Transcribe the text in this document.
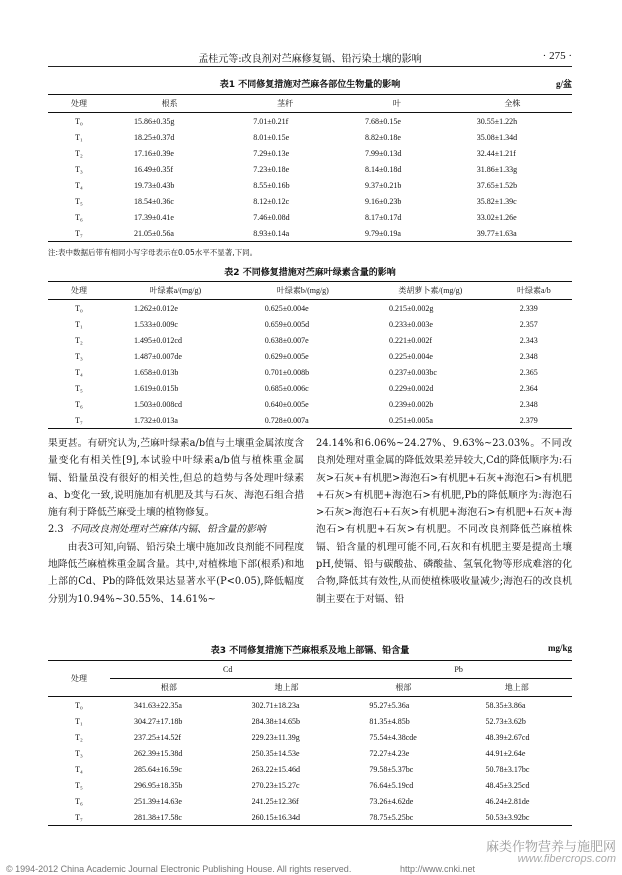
孟桂元等:改良剂对苎麻修复镉、铅污染土壤的影响	· 275 ·
表1 不同修复措施对苎麻各部位生物量的影响	g/盆
处理	根系	茎秆	叶	全株
T₀	15.86±0.35g	7.01±0.21f	7.68±0.15e	30.55±1.22h
T₁	18.25±0.37d	8.01±0.15e	8.82±0.18e	35.08±1.34d
T₂	17.16±0.39e	7.29±0.13e	7.99±0.13d	32.44±1.21f
T₃	16.49±0.35f	7.23±0.18e	8.14±0.18d	31.86±1.33g
T₄	19.73±0.43b	8.55±0.16b	9.37±0.21b	37.65±1.52b
T₅	18.54±0.36c	8.12±0.12c	9.16±0.23b	35.82±1.39c
T₆	17.39±0.41e	7.46±0.08d	8.17±0.17d	33.02±1.26e
T₇	21.05±0.56a	8.93±0.14a	9.79±0.19a	39.77±1.63a
注:表中数据后带有相同小写字母表示在0.05水平不显著,下同。
表2 不同修复措施对苎麻叶绿素含量的影响
处理	叶绿素a/(mg/g)	叶绿素b/(mg/g)	类胡萝卜素/(mg/g)	叶绿素a/b
T₀	1.262±0.012e	0.625±0.004e	0.215±0.002g	2.339
T₁	1.533±0.009c	0.659±0.005d	0.233±0.003e	2.357
T₂	1.495±0.012cd	0.638±0.007e	0.221±0.002f	2.343
T₃	1.487±0.007de	0.629±0.005e	0.225±0.004e	2.348
T₄	1.658±0.013b	0.701±0.008b	0.237±0.003bc	2.365
T₅	1.619±0.015b	0.685±0.006c	0.229±0.002d	2.364
T₆	1.503±0.008cd	0.640±0.005e	0.239±0.002b	2.348
T₇	1.732±0.013a	0.728±0.007a	0.251±0.005a	2.379

果更甚。有研究认为,苎麻叶绿素a/b值与土壤重金属浓度含量变化有相关性[9],本试验中叶绿素a/b值与植株重金属镉、铅量虽没有很好的相关性,但总的趋势与各处理叶绿素a、b变化一致,说明施加有机肥及其与石灰、海泡石组合措施有利于降低苎麻受土壤的植物修复。

2.3 不同改良剂处理对苎麻体内镉、铅含量的影响

由表3可知,向镉、铅污染土壤中施加改良剂能不同程度地降低苎麻植株重金属含量。其中,对植株地下部(根系)和地上部的Cd、Pb的降低效果达显著水平(P<0.05),降低幅度分别为10.94%~30.55%、14.61%~

24.14%和6.06%~24.27%、9.63%~23.03%。不同改良剂处理对重金属的降低效果差异较大,Cd的降低顺序为:石灰>石灰+有机肥>海泡石>有机肥+石灰+海泡石>有机肥+石灰>有机肥+海泡石>有机肥,Pb的降低顺序为:海泡石>石灰>海泡石+石灰>有机肥+海泡石>有机肥+石灰+海泡石>有机肥+石灰>有机肥。不同改良剂降低苎麻植株镉、铅含量的机理可能不同,石灰和有机肥主要是提高土壤pH,使镉、铅与碳酸盐、磷酸盐、氢氧化物等形成难溶的化合物,降低其有效性,从而使植株吸收量减少;海泡石的改良机制主要在于对镉、铅

表3 不同修复措施下苎麻根系及地上部镉、铅含量	mg/kg
处理	Cd		Pb	
	根部	地上部	根部	地上部
T₀	341.63±22.35a	302.71±18.23a	95.27±5.36a	58.35±3.86a
T₁	304.27±17.18b	284.38±14.65b	81.35±4.85b	52.73±3.62b
T₂	237.25±14.52f	229.23±11.39g	75.54±4.38cde	48.39±2.67cd
T₃	262.39±15.38d	250.35±14.53e	72.27±4.23e	44.91±2.64e
T₄	285.64±16.59c	263.22±15.46d	79.58±5.37bc	50.78±3.17bc
T₅	296.95±18.35b	270.23±15.27c	76.64±5.19cd	48.45±3.25cd
T₆	251.39±14.63e	241.25±12.36f	73.26±4.62de	46.24±2.81de
T₇	281.38±17.58c	260.15±16.34d	78.75±5.25bc	50.53±3.92bc
麻类作物营养与施肥网
www.fibercrops.com
© 1994-2012 China Academic Journal Electronic Publishing House. All rights reserved.	http://www.cnki.net
